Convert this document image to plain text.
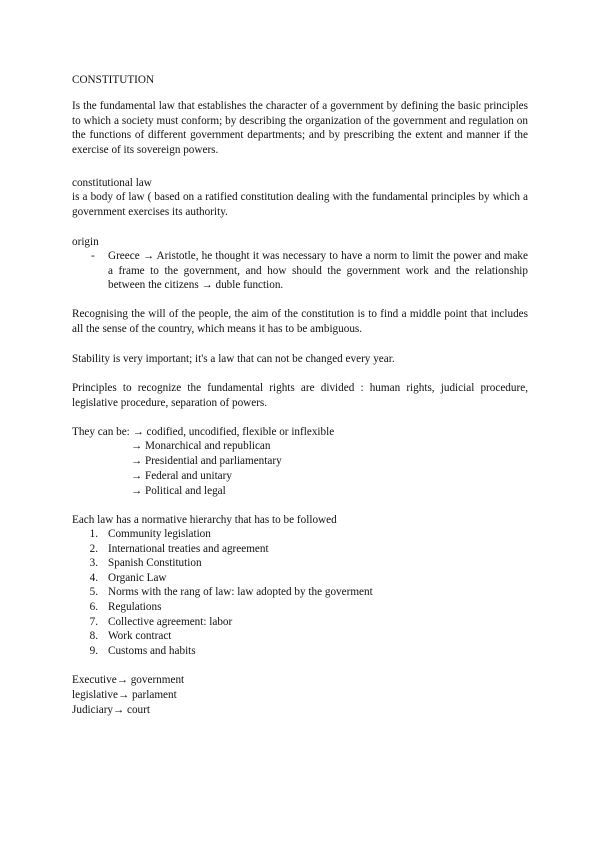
CONSTITUTION
Is the fundamental law that establishes the character of a government by defining the basic principles to which a society must conform; by describing the organization of the government and regulation on the functions of different government departments; and by prescribing the extent and manner if the exercise of its sovereign powers.
constitutional law
is a body of law ( based on a ratified constitution dealing with the fundamental principles by which a government exercises its authority.
origin
- Greece → Aristotle, he thought it was necessary to have a norm to limit the power and make a frame to the government, and how should the government work and the relationship between the citizens → duble function.
Recognising the will of the people, the aim of the constitution is to find a middle point that includes all the sense of the country, which means it has to be ambiguous.
Stability is very important; it's a law that can not be changed every year.
Principles to recognize the fundamental rights are divided : human rights, judicial procedure, legislative procedure, separation of powers.
They can be: → codified, uncodified, flexible or inflexible
→ Monarchical and republican
→ Presidential and parliamentary
→ Federal and unitary
→ Political and legal
Each law has a normative hierarchy that has to be followed
1. Community legislation
2. International treaties and agreement
3. Spanish Constitution
4. Organic Law
5. Norms with the rang of law: law adopted by the goverment
6. Regulations
7. Collective agreement: labor
8. Work contract
9. Customs and habits
Executive→ government
legislative→ parlament
Judiciary→ court
